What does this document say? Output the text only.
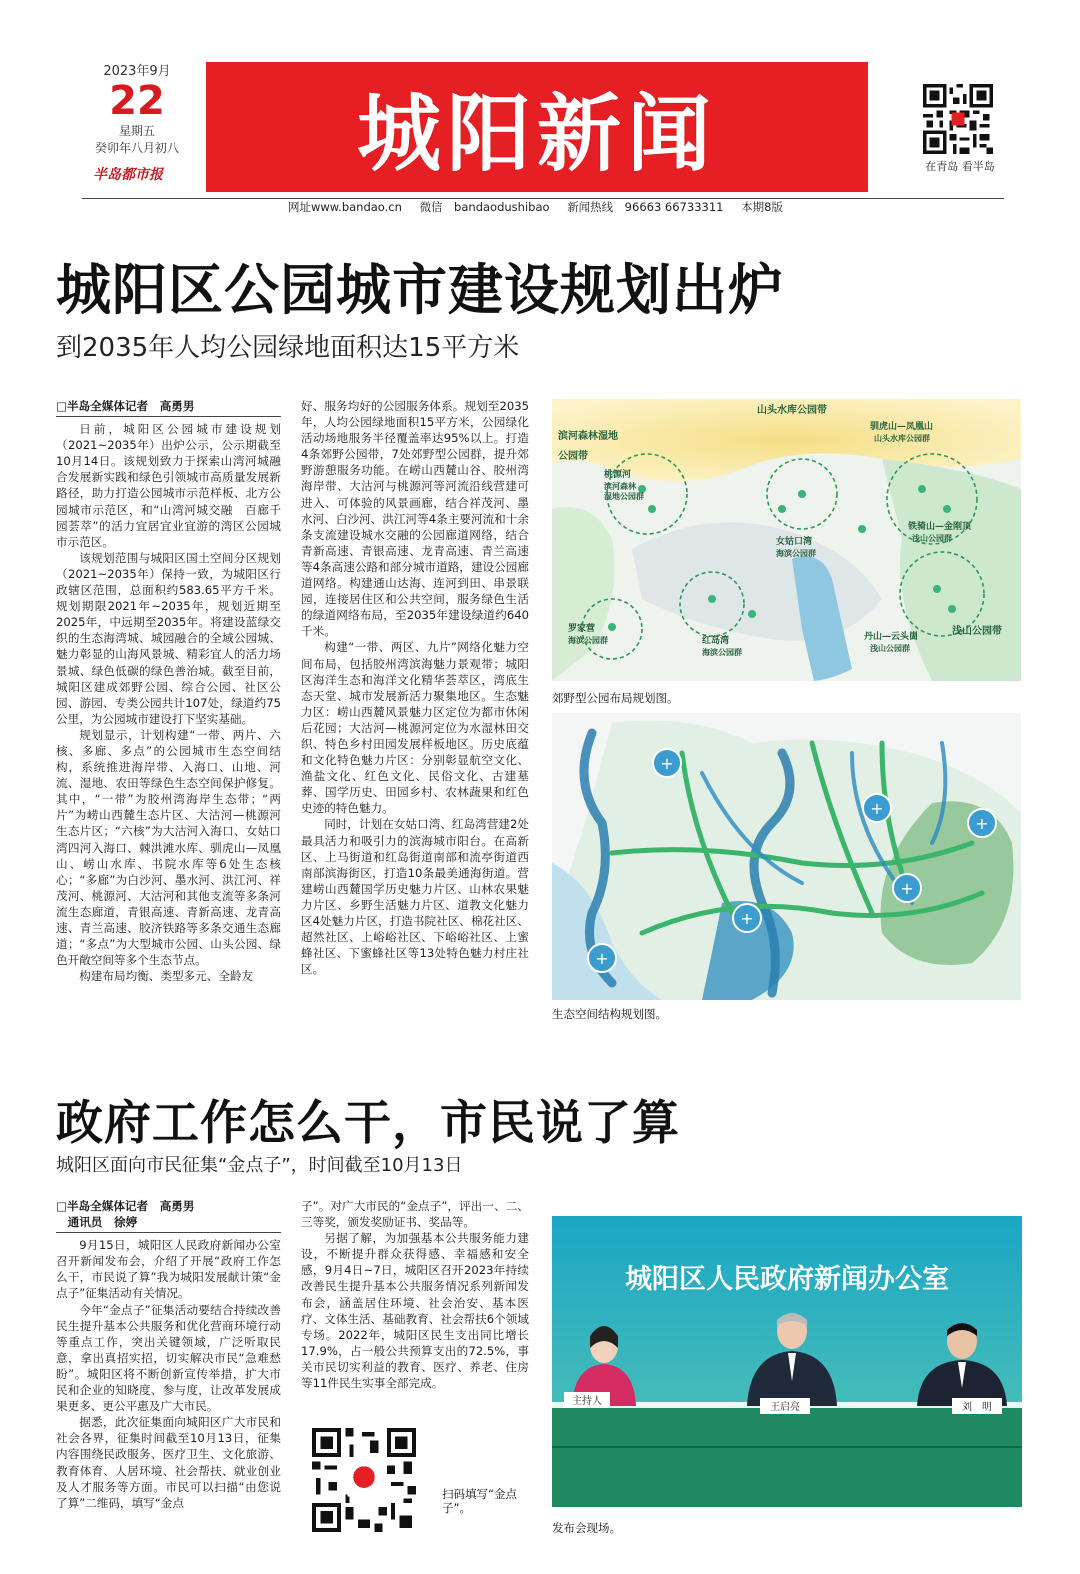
2023年9月
22
星期五
癸卯年八月初八
半岛都市报 城阳新闻	在青岛 看半岛
网址www.bandao.cn 微信　bandaodushibao 新闻热线　96663 66733311 本期8版
城阳区公园城市建设规划出炉
到2035年人均公园绿地面积达15平方米

□半岛全媒体记者　高勇男

日前，城阳区公园城市建设规划（2021~2035年）出炉公示，公示期截至10月14日。该规划致力于探索山湾河城融合发展新实践和绿色引领城市高质量发展新路径，助力打造公园城市示范样板、北方公园城市示范区，和“山湾河城交融　百廊千园荟萃”的活力宜居宜业宜游的湾区公园城市示范区。

该规划范围与城阳区国土空间分区规划（2021~2035年）保持一致，为城阳区行政辖区范围，总面积约583.65平方千米。规划期限2021年~2035年，规划近期至2025年，中远期至2035年。将建设蓝绿交织的生态海湾城、城园融合的全域公园城、魅力彰显的山海风景城、精彩宜人的活力场景城、绿色低碳的绿色善治城。截至目前，城阳区建成郊野公园、综合公园、社区公园、游园、专类公园共计107处，绿道约75公里，为公园城市建设打下坚实基础。

规划显示，计划构建“一带、两片、六核、多廊、多点”的公园城市生态空间结构，系统推进海岸带、入海口、山地、河流、湿地、农田等绿色生态空间保护修复。其中，“一带”为胶州湾海岸生态带；“两片”为崂山西麓生态片区、大沽河—桃源河生态片区；“六核”为大沽河入海口、女姑口湾四河入海口、棘洪滩水库、驯虎山—凤凰山、崂山水库、书院水库等6处生态核心；“多廊”为白沙河、墨水河、洪江河、祥茂河、桃源河、大沽河和其他支流等多条河流生态廊道，青银高速、青新高速、龙青高速、青兰高速、胶济铁路等多条交通生态廊道；“多点”为大型城市公园、山头公园、绿色开敞空间等多个生态节点。

构建布局均衡、类型多元、全龄友

好、服务均好的公园服务体系。规划至2035年，人均公园绿地面积15平方米，公园绿化活动场地服务半径覆盖率达95%以上。打造4条郊野公园带，7处郊野型公园群，提升郊野游憩服务功能。在崂山西麓山谷、胶州湾海岸带、大沽河与桃源河等河流沿线营建可进入、可体验的风景画廊，结合祥茂河、墨水河、白沙河、洪江河等4条主要河流和十余条支流建设城水交融的公园廊道网络，结合青新高速、青银高速、龙青高速、青兰高速等4条高速公路和部分城市道路，建设公园廊道网络。构建通山达海、连河到田、串景联园，连接居住区和公共空间，服务绿色生活的绿道网络布局，至2035年建设绿道约640千米。

构建“一带、两区、九片”网络化魅力空间布局，包括胶州湾滨海魅力景观带；城阳区海洋生态和海洋文化精华荟萃区，湾底生态天堂、城市发展新活力聚集地区。生态魅力区：崂山西麓风景魅力区定位为都市休闲后花园；大沽河—桃源河定位为水湿林田交织、特色乡村田园发展样板地区。历史底蕴和文化特色魅力片区：分别彰显航空文化、渔盐文化、红色文化、民俗文化、古建墓葬、国学历史、田园乡村、农林蔬果和红色史迹的特色魅力。

同时，计划在女姑口湾、红岛湾营建2处最具活力和吸引力的滨海城市阳台。在高新区、上马街道和红岛街道南部和流亭街道西南部滨海街区，打造10条最美通海街道。营建崂山西麓国学历史魅力片区、山林农果魅力片区、乡野生活魅力片区、道教文化魅力区4处魅力片区，打造书院社区、棉花社区、超然社区、上峪峪社区、下峪峪社区、上蜜蜂社区、下蜜蜂社区等13处特色魅力村庄社区。

山头水库公园带
滨河森林湿地
公园带
桃源河
滨河森林
湿地公园群
驯虎山—凤凰山
山头水库公园群
女姑口湾
海滨公园群
铁骑山—金刚顶
浅山公园群
罗家营
海滨公园群	红岛湾
海滨公园群
丹山—云头崮
浅山公园群
浅山公园带
郊野型公园布局规划图。
+
+
+
+
+
+
生态空间结构规划图。
政府工作怎么干，市民说了算
城阳区面向市民征集“金点子”，时间截至10月13日

□半岛全媒体记者　高勇男

通讯员　徐婷

9月15日，城阳区人民政府新闻办公室召开新闻发布会，介绍了开展“政府工作怎么干，市民说了算”我为城阳发展献计策“金点子”征集活动有关情况。

今年“金点子”征集活动要结合持续改善民生提升基本公共服务和优化营商环境行动等重点工作，突出关键领域，广泛听取民意，拿出真招实招，切实解决市民“急难愁盼”。城阳区将不断创新宣传举措，扩大市民和企业的知晓度、参与度，让改革发展成果更多、更公平惠及广大市民。

据悉，此次征集面向城阳区广大市民和社会各界，征集时间截至10月13日，征集内容围绕民政服务、医疗卫生、文化旅游、教育体育、人居环境、社会帮扶、就业创业及人才服务等方面。市民可以扫描“由您说了算”二维码，填写“金点

子”。对广大市民的“金点子”，评出一、二、三等奖，颁发奖励证书、奖品等。

另据了解，为加强基本公共服务能力建设，不断提升群众获得感、幸福感和安全感，9月4日~7日，城阳区召开2023年持续改善民生提升基本公共服务情况系列新闻发布会，涵盖居住环境、社会治安、基本医疗、文体生活、基础教育、社会帮扶6个领域专场。2022年，城阳区民生支出同比增长17.9%，占一般公共预算支出的72.5%，事关市民切实利益的教育、医疗、养老、住房等11件民生实事全部完成。

扫码填写“金点子”。
城阳区人民政府新闻办公室
主持人
王启亮	刘　明
发布会现场。
